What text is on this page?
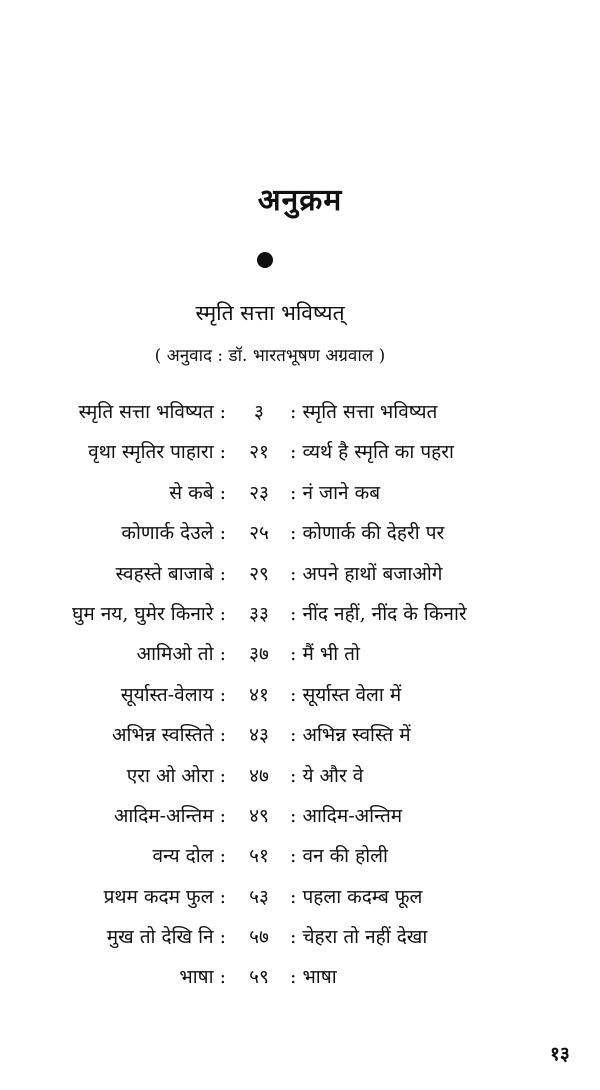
अनुक्रम
स्मृति सत्ता भविष्यत्
( अनुवाद : डॉ. भारतभूषण अग्रवाल )
स्मृति सत्ता भविष्यत :	३	: स्मृति सत्ता भविष्यत
वृथा स्मृतिर पाहारा :	२१	: व्यर्थ है स्मृति का पहरा
से कबे :	२३	: नं जाने कब
कोणार्क देउले :	२५	: कोणार्क की देहरी पर
स्वहस्ते बाजाबे :	२९	: अपने हाथों बजाओगे
घुम नय, घुमेर किनारे :	३३	: नींद नहीं, नींद के किनारे
आमिओ तो :	३७	: मैं भी तो
सूर्यास्त-वेलाय :	४१	: सूर्यास्त वेला में
अभिन्न स्वस्तिते :	४३	: अभिन्न स्वस्ति में
एरा ओ ओरा :	४७	: ये और वे
आदिम-अन्तिम :	४९	: आदिम-अन्तिम
वन्य दोल :	५१	: वन की होली
प्रथम कदम फुल :	५३	: पहला कदम्ब फूल
मुख तो देखि नि :	५७	: चेहरा तो नहीं देखा
भाषा :	५९	: भाषा
१३
